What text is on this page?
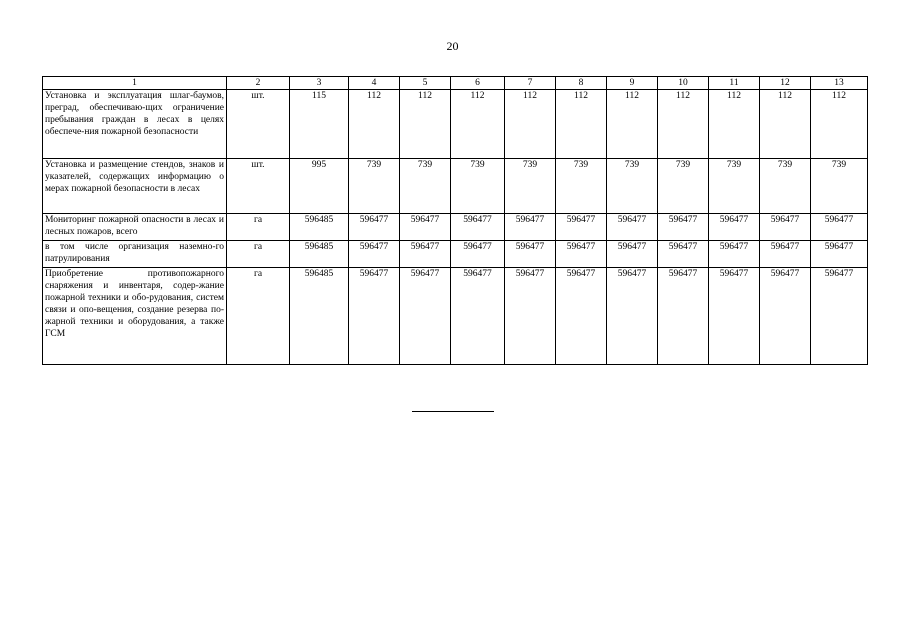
20
1	2	3	4	5	6	7	8	9	10	11	12	13
Установка и эксплуатация шлаг-баумов, преград, обеспечиваю-щих ограничение пребывания граждан в лесах в целях обеспече-ния пожарной безопасности	шт.	115	112	112	112	112	112	112	112	112	112	112
Установка и размещение стендов, знаков и указателей, содержащих информацию о мерах пожарной безопасности в лесах	шт.	995	739	739	739	739	739	739	739	739	739	739
Мониторинг пожарной опасности в лесах и лесных пожаров, всего	га	596485	596477	596477	596477	596477	596477	596477	596477	596477	596477	596477
в том числе организация наземно-го патрулирования	га	596485	596477	596477	596477	596477	596477	596477	596477	596477	596477	596477
Приобретение противопожарного снаряжения и инвентаря, содер-жание пожарной техники и обо-рудования, систем связи и опо-вещения, создание резерва по-жарной техники и оборудования, а также ГСМ	га	596485	596477	596477	596477	596477	596477	596477	596477	596477	596477	596477
